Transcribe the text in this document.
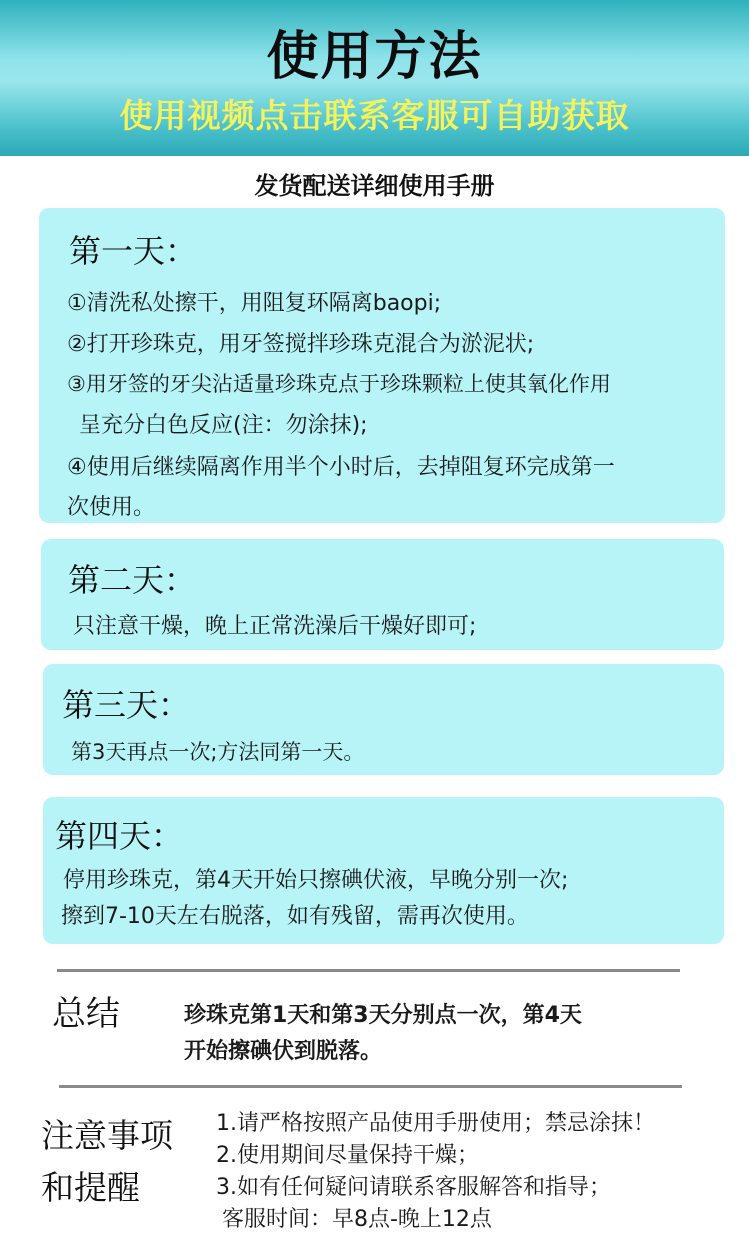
使用方法
使用视频点击联系客服可自助获取
发货配送详细使用手册
第一天：
①清洗私处擦干，用阻复环隔离baopi;
②打开珍珠克，用牙签搅拌珍珠克混合为淤泥状;
③用牙签的牙尖沾适量珍珠克点于珍珠颗粒上使其氧化作用
呈充分白色反应(注：勿涂抹);
④使用后继续隔离作用半个小时后，去掉阻复环完成第一
次使用。
第二天：
只注意干燥，晚上正常洗澡后干燥好即可;
第三天：
第3天再点一次;方法同第一天。
第四天：
停用珍珠克，第4天开始只擦碘伏液，早晚分别一次;
擦到7-10天左右脱落，如有残留，需再次使用。
总结	珍珠克第1天和第3天分别点一次，第4天
开始擦碘伏到脱落。
注意事项
和提醒
1.请严格按照产品使用手册使用；禁忌涂抹！
2.使用期间尽量保持干燥；
3.如有任何疑问请联系客服解答和指导；
客服时间：早8点-晚上12点
